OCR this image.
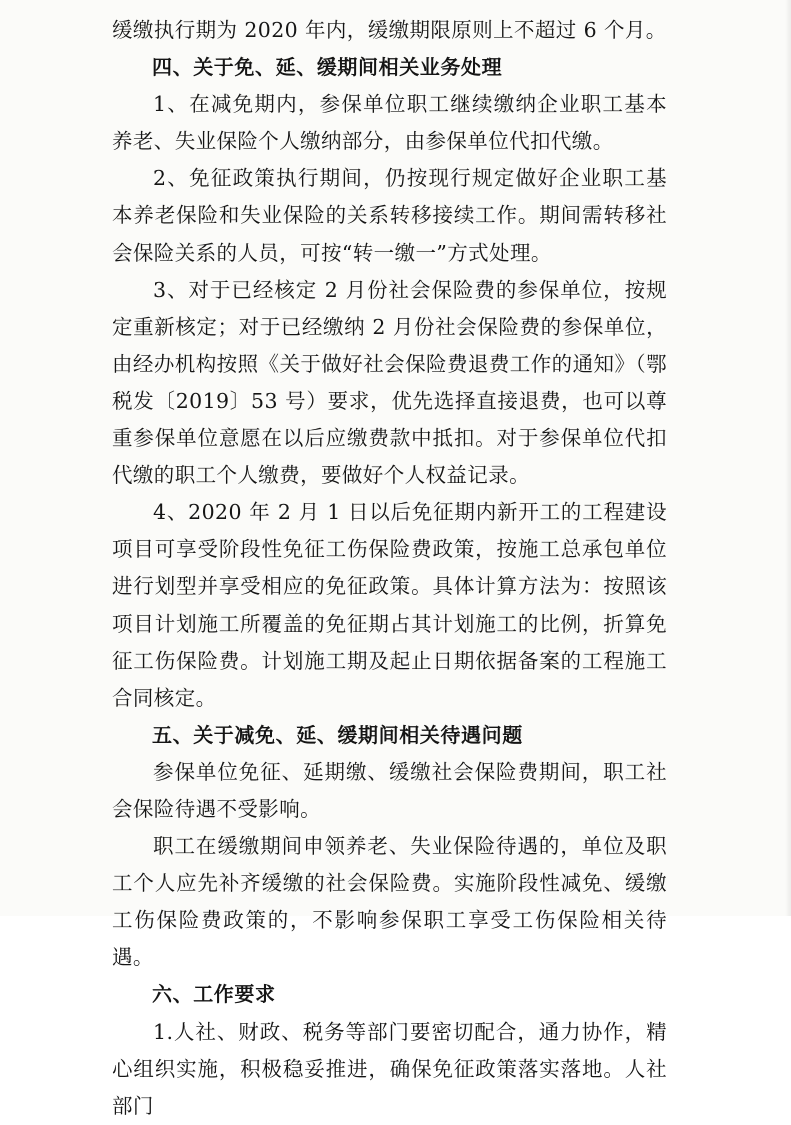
缓缴执行期为 2020 年内，缓缴期限原则上不超过 6 个月。

四、关于免、延、缓期间相关业务处理

1、在减免期内，参保单位职工继续缴纳企业职工基本养老、失业保险个人缴纳部分，由参保单位代扣代缴。

2、免征政策执行期间，仍按现行规定做好企业职工基本养老保险和失业保险的关系转移接续工作。期间需转移社会保险关系的人员，可按“转一缴一”方式处理。

3、对于已经核定 2 月份社会保险费的参保单位，按规定重新核定；对于已经缴纳 2 月份社会保险费的参保单位，由经办机构按照《关于做好社会保险费退费工作的通知》（鄂税发〔2019〕53 号）要求，优先选择直接退费，也可以尊重参保单位意愿在以后应缴费款中抵扣。对于参保单位代扣代缴的职工个人缴费，要做好个人权益记录。

4、2020 年 2 月 1 日以后免征期内新开工的工程建设项目可享受阶段性免征工伤保险费政策，按施工总承包单位进行划型并享受相应的免征政策。具体计算方法为：按照该项目计划施工所覆盖的免征期占其计划施工的比例，折算免征工伤保险费。计划施工期及起止日期依据备案的工程施工合同核定。

五、关于减免、延、缓期间相关待遇问题

参保单位免征、延期缴、缓缴社会保险费期间，职工社会保险待遇不受影响。

职工在缓缴期间申领养老、失业保险待遇的，单位及职工个人应先补齐缓缴的社会保险费。实施阶段性减免、缓缴工伤保险费政策的，不影响参保职工享受工伤保险相关待遇。

六、工作要求

1.人社、财政、税务等部门要密切配合，通力协作，精心组织实施，积极稳妥推进，确保免征政策落实落地。人社部门
